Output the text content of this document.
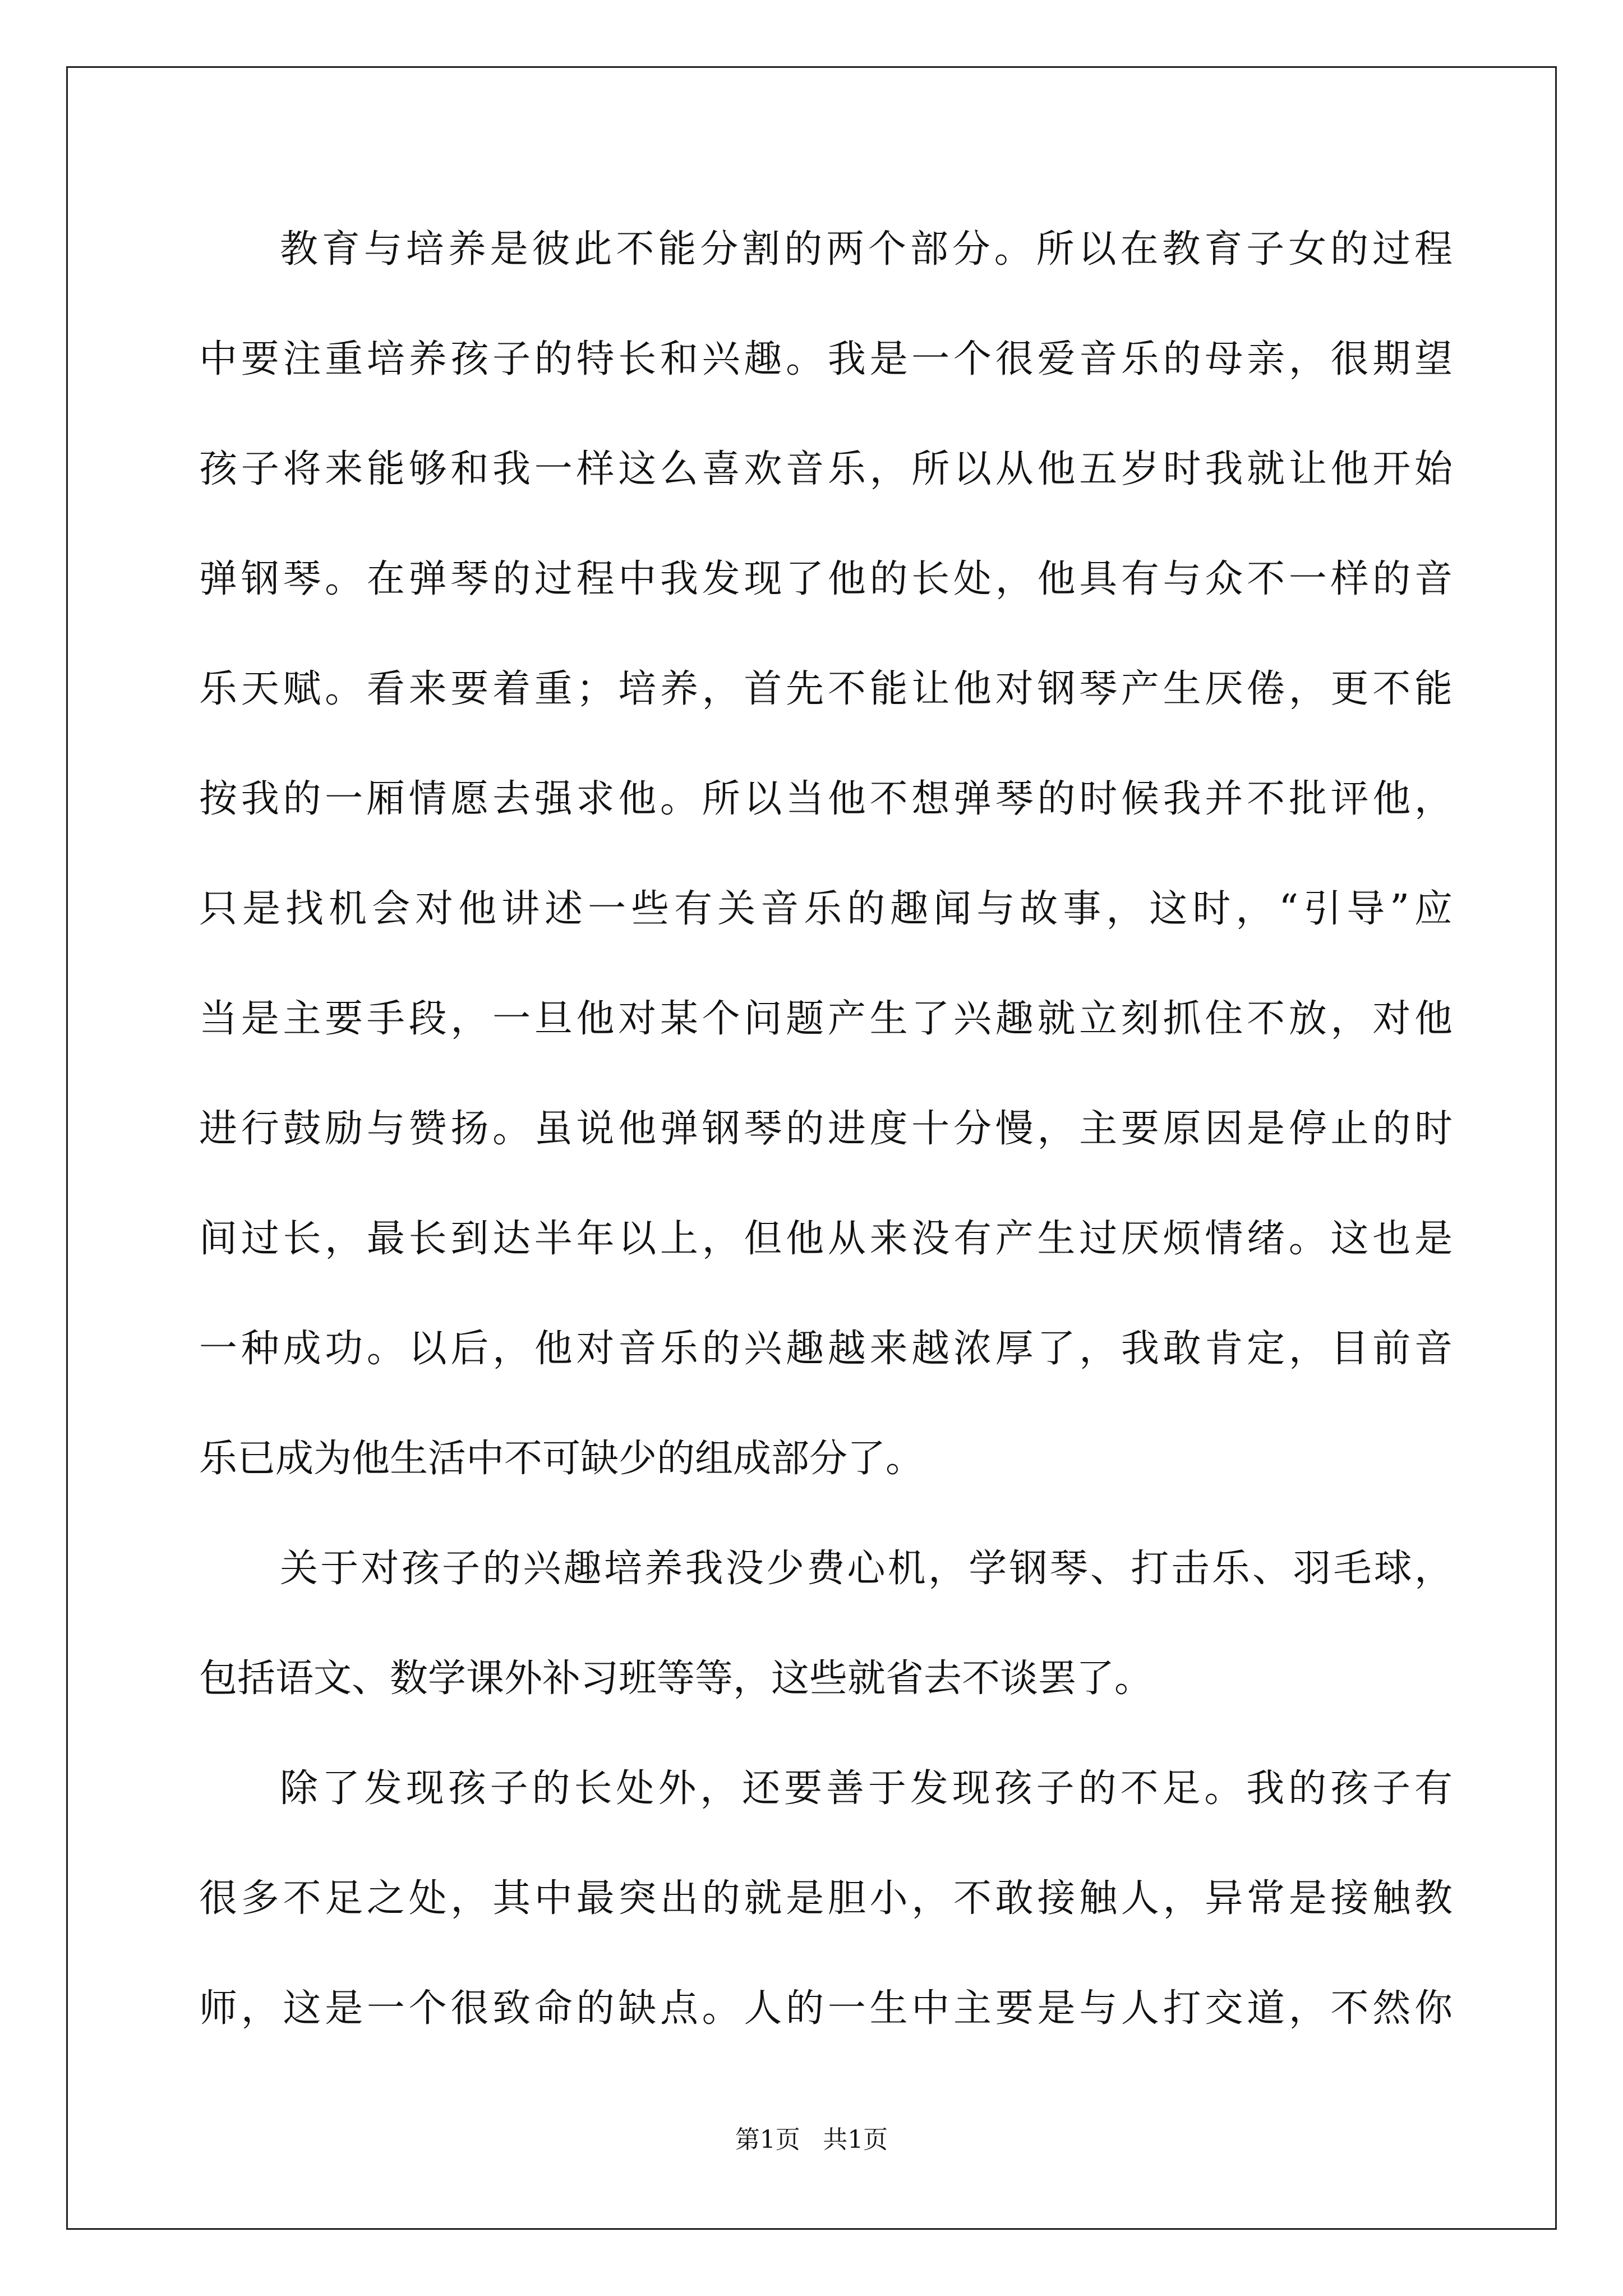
教育与培养是彼此不能分割的两个部分。所以在教育子女的过程
中要注重培养孩子的特长和兴趣。我是一个很爱音乐的母亲，很期望
孩子将来能够和我一样这么喜欢音乐，所以从他五岁时我就让他开始
弹钢琴。在弹琴的过程中我发现了他的长处，他具有与众不一样的音
乐天赋。看来要着重；培养，首先不能让他对钢琴产生厌倦，更不能
按我的一厢情愿去强求他。所以当他不想弹琴的时候我并不批评他，
只是找机会对他讲述一些有关音乐的趣闻与故事，这时，“引导”应
当是主要手段，一旦他对某个问题产生了兴趣就立刻抓住不放，对他
进行鼓励与赞扬。虽说他弹钢琴的进度十分慢，主要原因是停止的时
间过长，最长到达半年以上，但他从来没有产生过厌烦情绪。这也是
一种成功。以后，他对音乐的兴趣越来越浓厚了，我敢肯定，目前音
乐已成为他生活中不可缺少的组成部分了。
关于对孩子的兴趣培养我没少费心机，学钢琴、打击乐、羽毛球，
包括语文、数学课外补习班等等，这些就省去不谈罢了。
除了发现孩子的长处外，还要善于发现孩子的不足。我的孩子有
很多不足之处，其中最突出的就是胆小，不敢接触人，异常是接触教
师，这是一个很致命的缺点。人的一生中主要是与人打交道，不然你
第1页 共1页
